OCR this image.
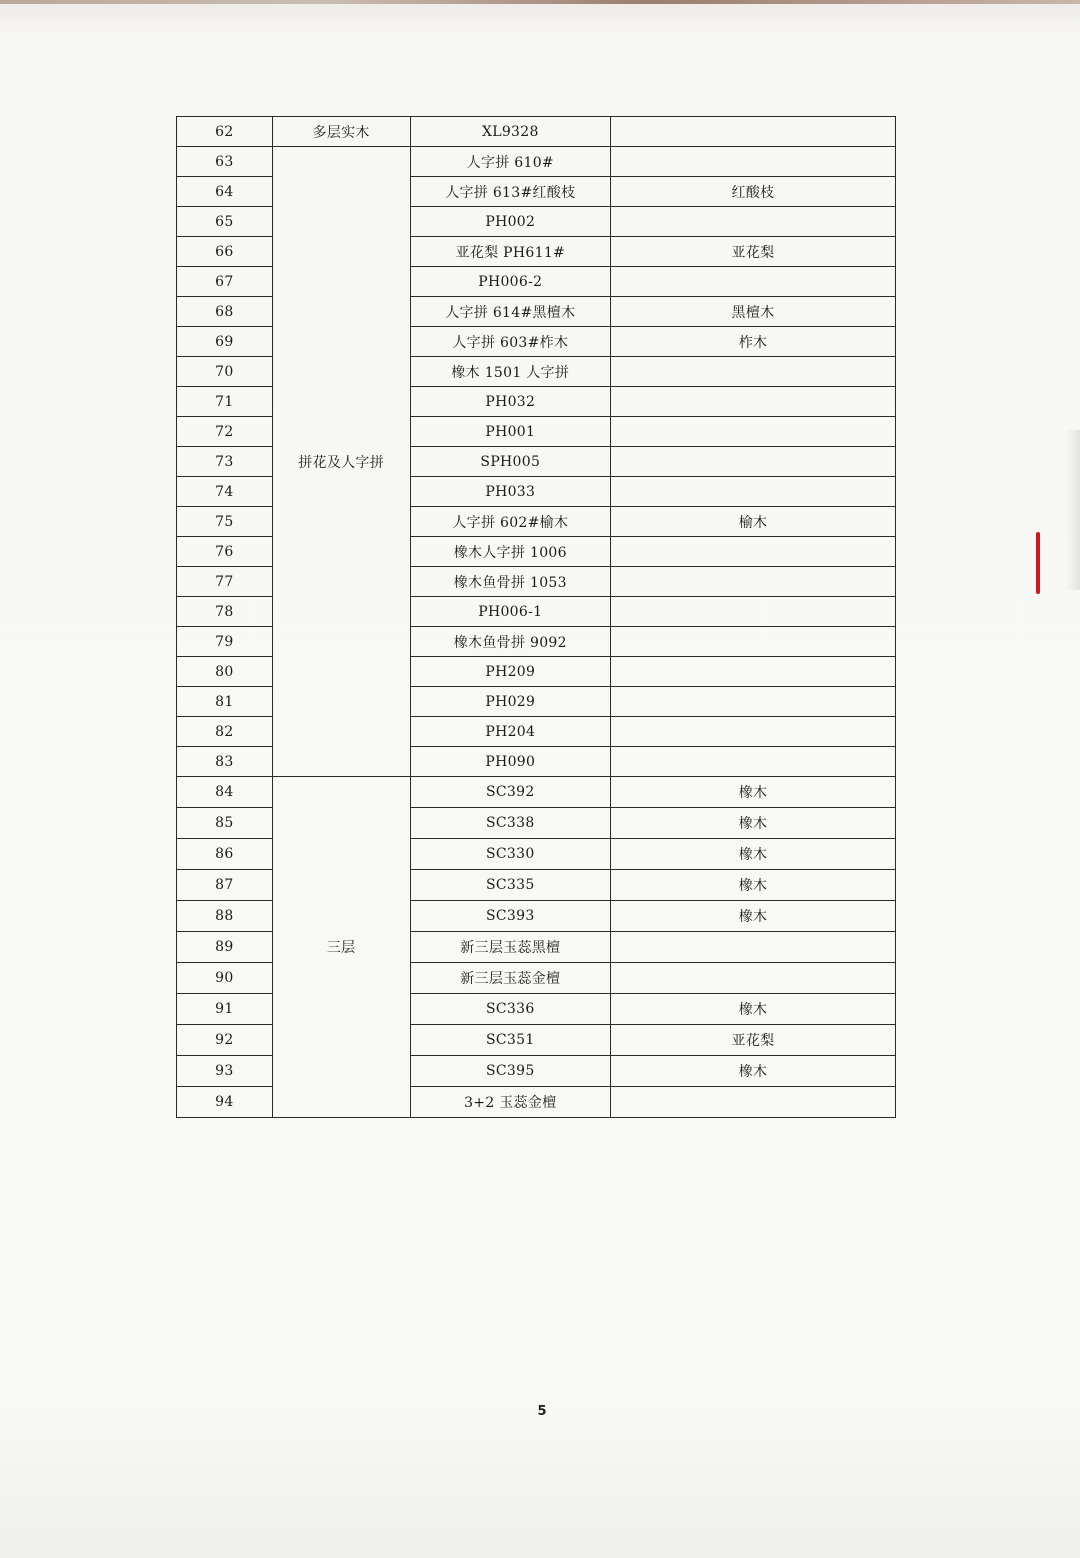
62	多层实木	XL9328	
63	拼花及人字拼	人字拼 610#	
64		人字拼 613#红酸枝	红酸枝
65		PH002	
66		亚花梨 PH611#	亚花梨
67		PH006-2	
68		人字拼 614#黑檀木	黑檀木
69		人字拼 603#柞木	柞木
70		橡木 1501 人字拼	
71		PH032	
72		PH001	
73		SPH005	
74		PH033	
75		人字拼 602#榆木	榆木
76		橡木人字拼 1006	
77		橡木鱼骨拼 1053	
78		PH006-1	
79		橡木鱼骨拼 9092	
80		PH209	
81		PH029	
82		PH204	
83		PH090	
84	三层	SC392	橡木
85		SC338	橡木
86		SC330	橡木
87		SC335	橡木
88		SC393	橡木
89		新三层玉蕊黑檀	
90		新三层玉蕊金檀	
91		SC336	橡木
92		SC351	亚花梨
93		SC395	橡木
94		3+2 玉蕊金檀	
5
